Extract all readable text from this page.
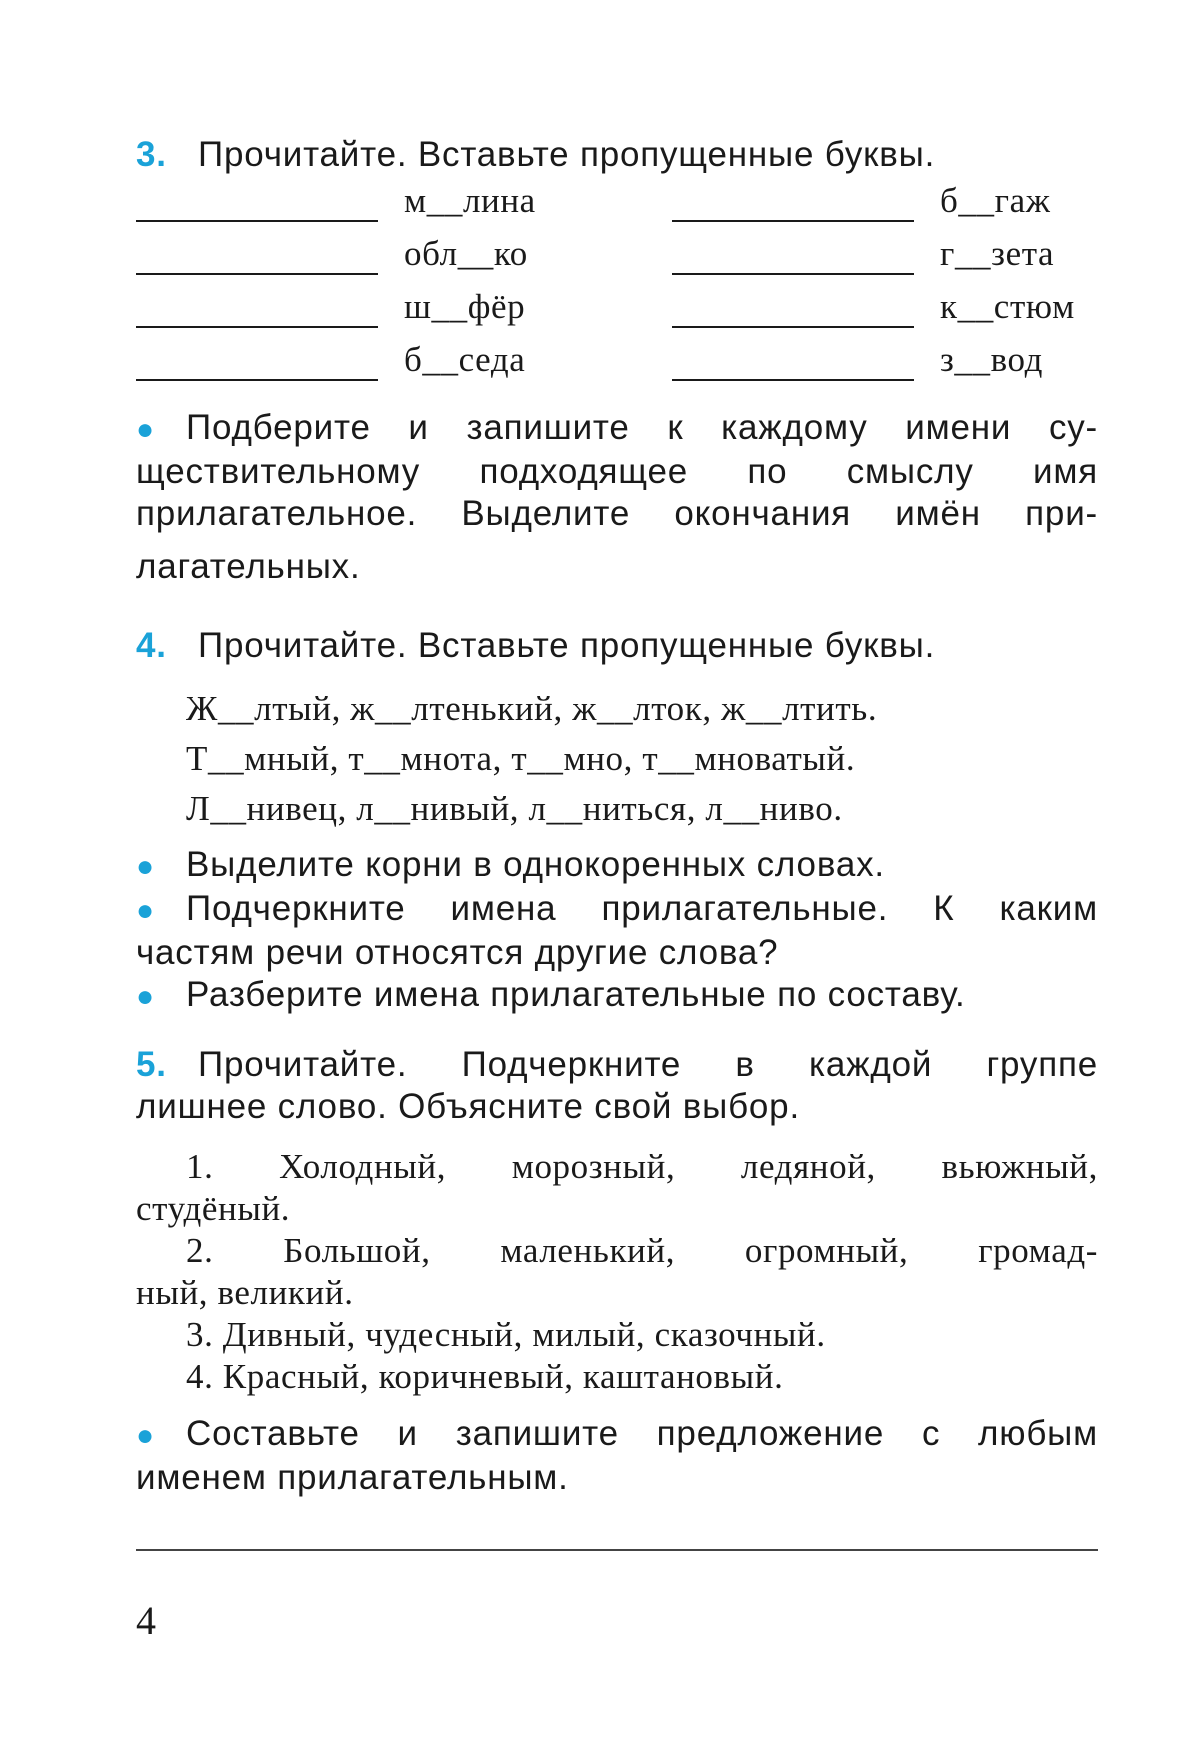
3. Прочитайте. Вставьте пропущенные буквы.
м__лина	б__гаж
обл__ко	г__зета
ш__фёр	к__стюм
б__седа	з__вод
● Подберите и запишите к каждому имени су-
ществительному подходящее по смыслу имя
прилагательное. Выделите окончания имён при-
лагательных.
4. Прочитайте. Вставьте пропущенные буквы.
Ж__лтый, ж__лтенький, ж__лток, ж__лтить.
Т__мный, т__мнота, т__мно, т__мноватый.
Л__нивец, л__нивый, л__ниться, л__ниво.
● Выделите корни в однокоренных словах.
● Подчеркните имена прилагательные. К каким
частям речи относятся другие слова?
● Разберите имена прилагательные по составу.
5. Прочитайте. Подчеркните в каждой группе
лишнее слово. Объясните свой выбор.
1. Холодный, морозный, ледяной, вьюжный,
студёный.
2. Большой, маленький, огромный, громад-
ный, великий.
3. Дивный, чудесный, милый, сказочный.
4. Красный, коричневый, каштановый.
● Составьте и запишите предложение с любым
именем прилагательным.
4
